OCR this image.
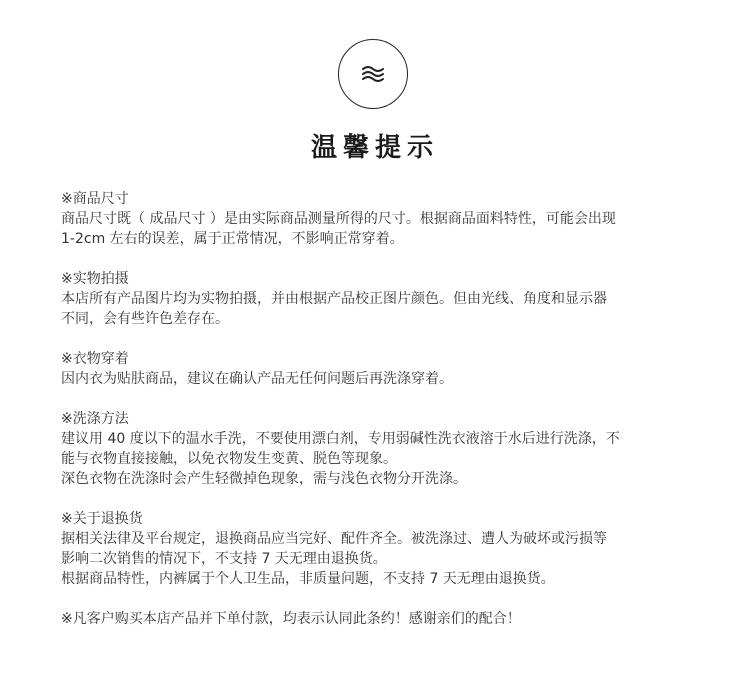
温馨提示
※商品尺寸
商品尺寸既（ 成品尺寸 ）是由实际商品测量所得的尺寸。根据商品面料特性，可能会出现
1-2cm 左右的误差，属于正常情况，不影响正常穿着。
※实物拍摄
本店所有产品图片均为实物拍摄，并由根据产品校正图片颜色。但由光线、角度和显示器
不同，会有些许色差存在。
※衣物穿着
因内衣为贴肤商品，建议在确认产品无任何问题后再洗涤穿着。
※洗涤方法
建议用 40 度以下的温水手洗，不要使用漂白剂，专用弱碱性洗衣液溶于水后进行洗涤，不
能与衣物直接接触，以免衣物发生变黄、脱色等现象。
深色衣物在洗涤时会产生轻微掉色现象，需与浅色衣物分开洗涤。
※关于退换货
据相关法律及平台规定，退换商品应当完好、配件齐全。被洗涤过、遭人为破坏或污损等
影响二次销售的情况下，不支持 7 天无理由退换货。
根据商品特性，内裤属于个人卫生品，非质量问题，不支持 7 天无理由退换货。
※凡客户购买本店产品并下单付款，均表示认同此条约！感谢亲们的配合！
